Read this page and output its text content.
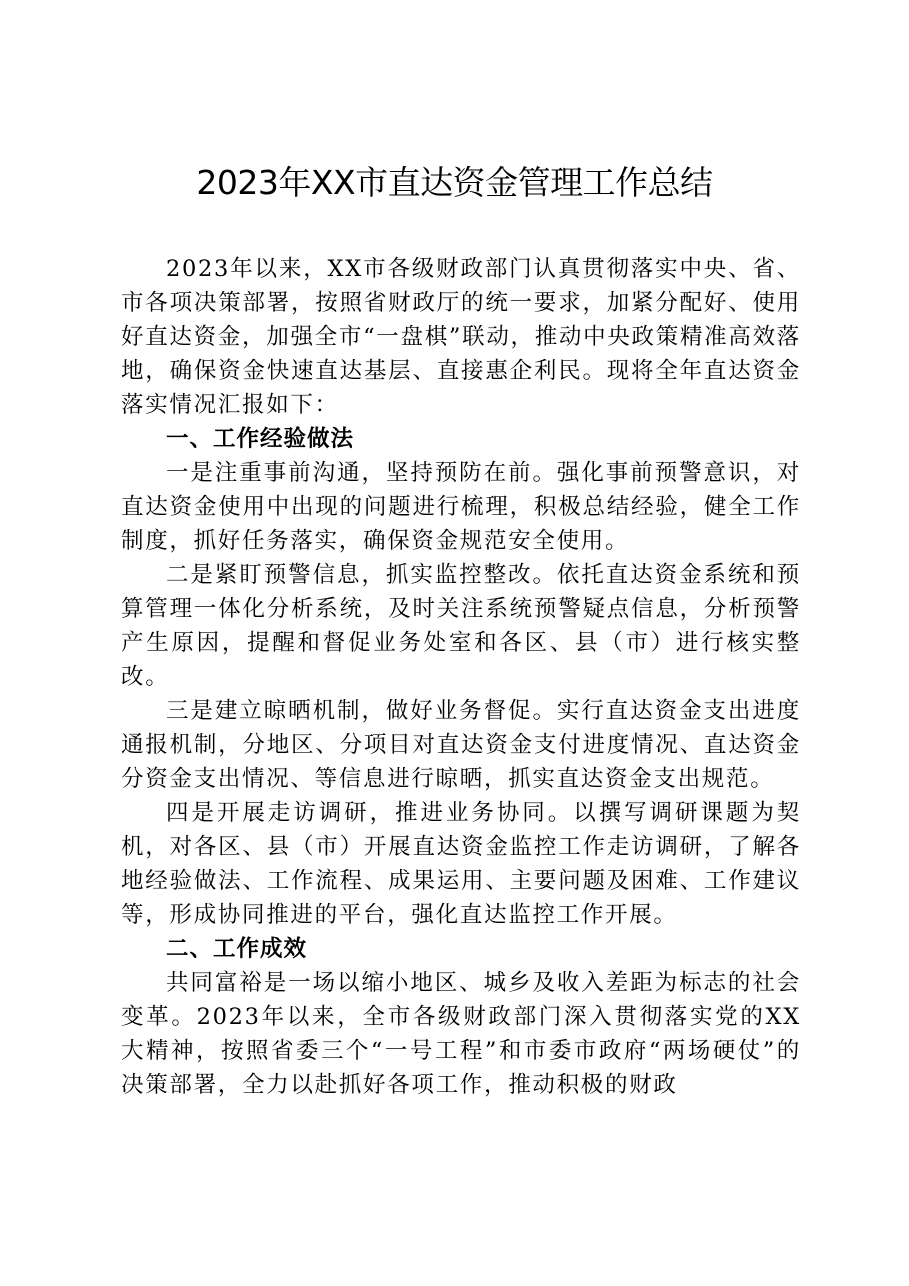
2023年XX市直达资金管理工作总结

2023年以来，XX市各级财政部门认真贯彻落实中央、省、市各项决策部署，按照省财政厅的统一要求，加紧分配好、使用好直达资金，加强全市“一盘棋”联动，推动中央政策精准高效落地，确保资金快速直达基层、直接惠企利民。现将全年直达资金落实情况汇报如下：

一、工作经验做法

一是注重事前沟通，坚持预防在前。强化事前预警意识，对直达资金使用中出现的问题进行梳理，积极总结经验，健全工作制度，抓好任务落实，确保资金规范安全使用。

二是紧盯预警信息，抓实监控整改。依托直达资金系统和预算管理一体化分析系统，及时关注系统预警疑点信息，分析预警产生原因，提醒和督促业务处室和各区、县（市）进行核实整改。

三是建立晾晒机制，做好业务督促。实行直达资金支出进度通报机制，分地区、分项目对直达资金支付进度情况、直达资金分资金支出情况、等信息进行晾晒，抓实直达资金支出规范。

四是开展走访调研，推进业务协同。以撰写调研课题为契机，对各区、县（市）开展直达资金监控工作走访调研，了解各地经验做法、工作流程、成果运用、主要问题及困难、工作建议等，形成协同推进的平台，强化直达监控工作开展。

二、工作成效

共同富裕是一场以缩小地区、城乡及收入差距为标志的社会变革。2023年以来，全市各级财政部门深入贯彻落实党的XX大精神，按照省委三个“一号工程”和市委市政府“两场硬仗”的决策部署，全力以赴抓好各项工作，推动积极的财政
